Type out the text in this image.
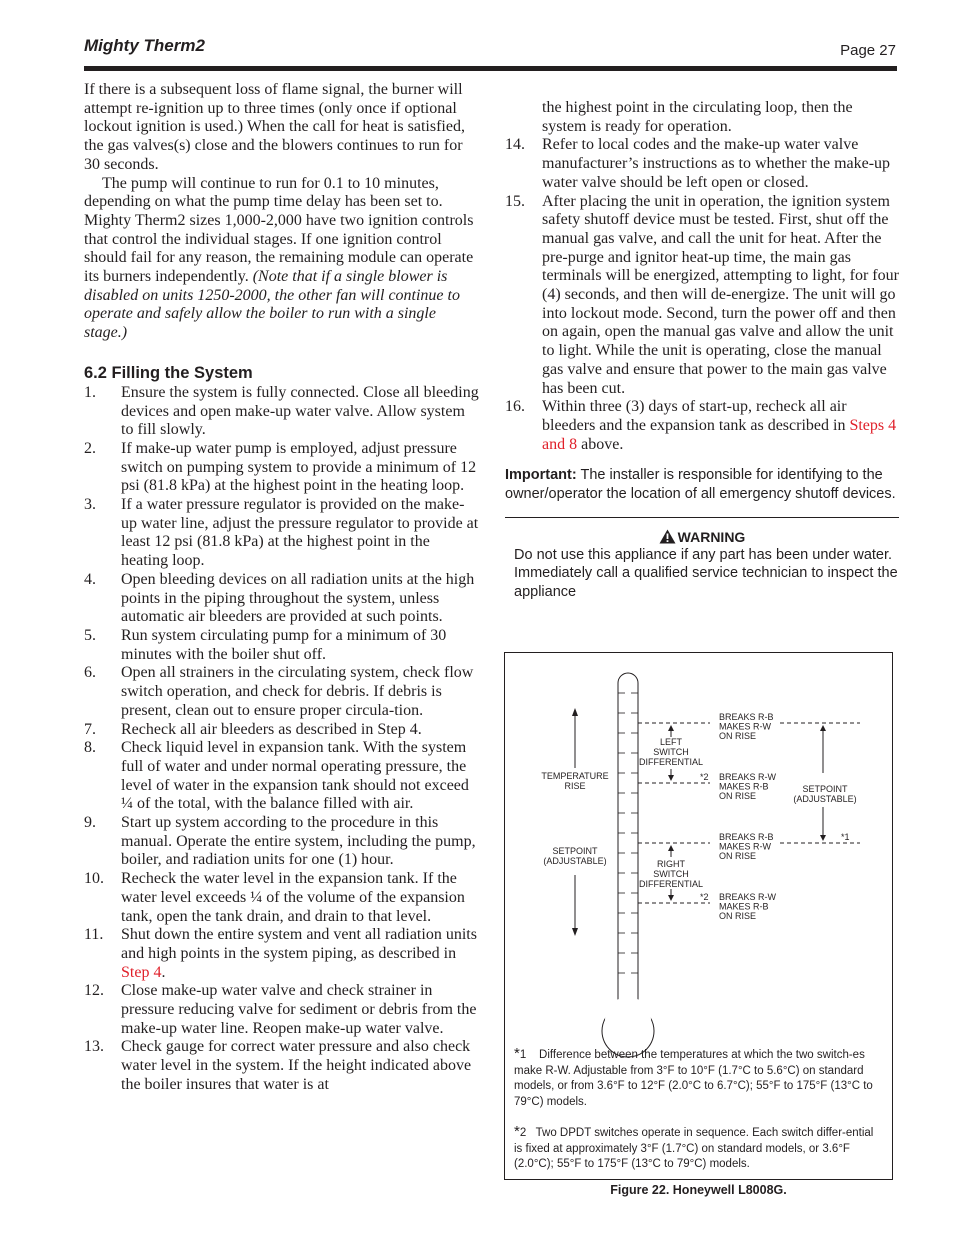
Mighty Therm2	Page 27

If there is a subsequent loss of flame signal, the burner will attempt re-ignition up to three times (only once if optional lockout ignition is used.) When the call for heat is satisfied, the gas valves(s) close and the blowers continues to run for 30 seconds.

The pump will continue to run for 0.1 to 10 minutes, depending on what the pump time delay has been set to. Mighty Therm2 sizes 1,000-2,000 have two ignition controls that control the individual stages. If one ignition control should fail for any reason, the remaining module can operate its burners independently. (Note that if a single blower is disabled on units 1250-2000, the other fan will continue to operate and safely allow the boiler to run with a single stage.)

6.2 Filling the System
1. Ensure the system is fully connected. Close all bleeding devices and open make-up water valve. Allow system to fill slowly.
2. If make-up water pump is employed, adjust pressure switch on pumping system to provide a minimum of 12 psi (81.8 kPa) at the highest point in the heating loop.
3. If a water pressure regulator is provided on the make-up water line, adjust the pressure regulator to provide at least 12 psi (81.8 kPa) at the highest point in the heating loop.
4. Open bleeding devices on all radiation units at the high points in the piping throughout the system, unless automatic air bleeders are provided at such points.
5. Run system circulating pump for a minimum of 30 minutes with the boiler shut off.
6. Open all strainers in the circulating system, check flow switch operation, and check for debris. If debris is present, clean out to ensure proper circula-tion.
7. Recheck all air bleeders as described in Step 4.
8. Check liquid level in expansion tank. With the system full of water and under normal operating pressure, the level of water in the expansion tank should not exceed ¼ of the total, with the balance filled with air.
9. Start up system according to the procedure in this manual. Operate the entire system, including the pump, boiler, and radiation units for one (1) hour.
10. Recheck the water level in the expansion tank. If the water level exceeds ¼ of the volume of the expansion tank, open the tank drain, and drain to that level.
11. Shut down the entire system and vent all radiation units and high points in the system piping, as described in Step 4.
12. Close make-up water valve and check strainer in pressure reducing valve for sediment or debris from the make-up water line. Reopen make-up water valve.
13. Check gauge for correct water pressure and also check water level in the system. If the height indicated above the boiler insures that water is at

the highest point in the circulating loop, then the system is ready for operation.

14. Refer to local codes and the make-up water valve manufacturer’s instructions as to whether the make-up water valve should be left open or closed.
15. After placing the unit in operation, the ignition system safety shutoff device must be tested. First, shut off the manual gas valve, and call the unit for heat. After the pre-purge and ignitor heat-up time, the main gas terminals will be energized, attempting to light, for four (4) seconds, and then will de-energize. The unit will go into lockout mode. Second, turn the power off and then on again, open the manual gas valve and allow the unit to light. While the unit is operating, close the manual gas valve and ensure that power to the main gas valve has been cut.
16. Within three (3) days of start-up, recheck all air bleeders and the expansion tank as described in Steps 4 and 8 above.

Important: The installer is responsible for identifying to the owner/operator the location of all emergency shutoff devices.

WARNING

Do not use this appliance if any part has been under water. Immediately call a qualified service technician to inspect the appliance

TEMPERATURE RISE
SETPOINT (ADJUSTABLE)
LEFT SWITCH DIFFERENTIAL
RIGHT SWITCH DIFFERENTIAL
*2
*2
BREAKS R-B MAKES R-W ON RISE
BREAKS R-W MAKES R-B ON RISE
BREAKS R-B MAKES R-W ON RISE
BREAKS R-W MAKES R-B ON RISE
SETPOINT (ADJUSTABLE)
*1
*1 Difference between the temperatures at which the two switch-es make R-W. Adjustable from 3°F to 10°F (1.7°C to 5.6°C) on standard models, or from 3.6°F to 12°F (2.0°C to 6.7°C); 55°F to 175°F (13°C to 79°C) models.
*2 Two DPDT switches operate in sequence. Each switch differ-ential is fixed at approximately 3°F (1.7°C) on standard models, or 3.6°F (2.0°C); 55°F to 175°F (13°C to 79°C) models.
Figure 22. Honeywell L8008G.
